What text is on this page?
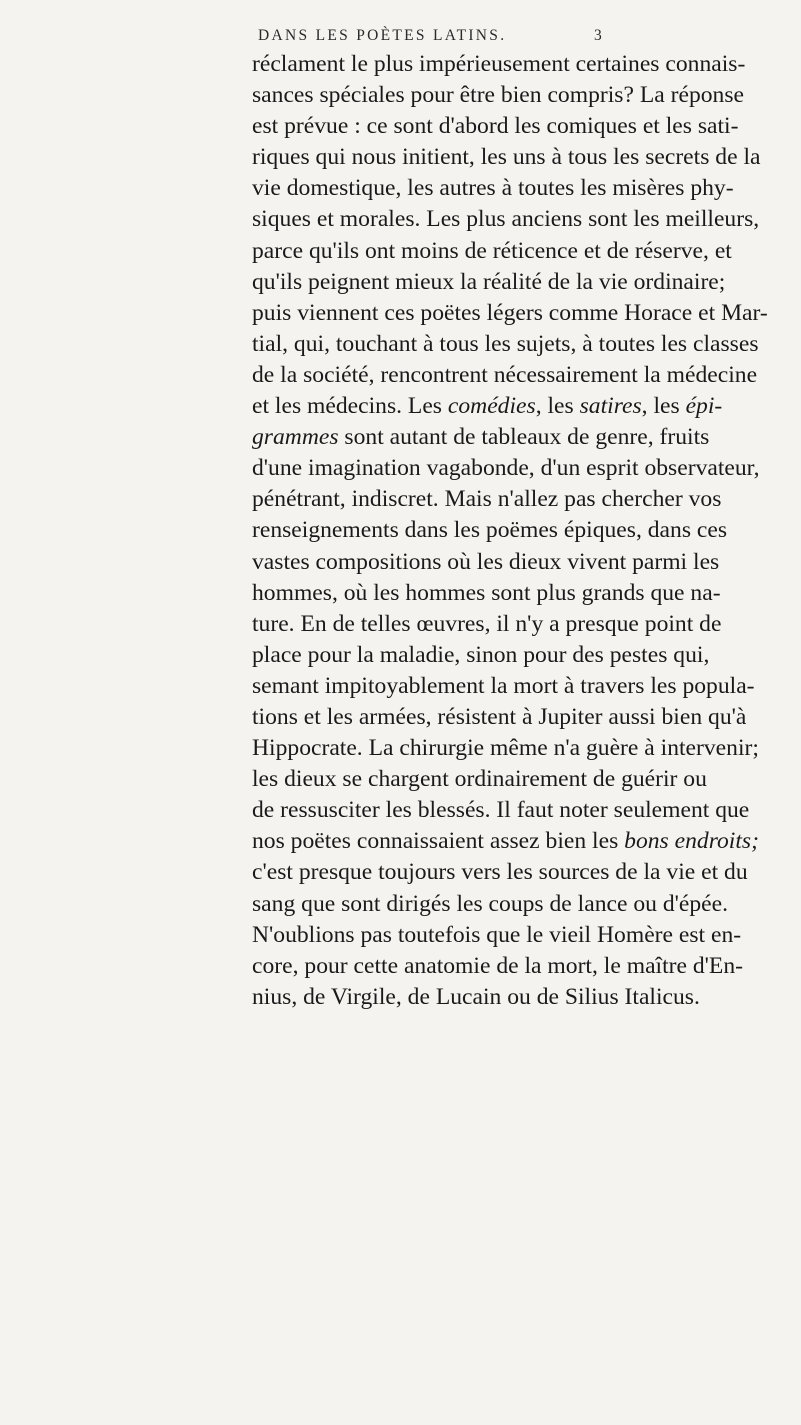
DANS LES POÈTES LATINS.	3
réclament le plus impérieusement certaines connais-
sances spéciales pour être bien compris? La réponse
est prévue : ce sont d'abord les comiques et les sati-
riques qui nous initient, les uns à tous les secrets de la
vie domestique, les autres à toutes les misères phy-
siques et morales. Les plus anciens sont les meilleurs,
parce qu'ils ont moins de réticence et de réserve, et
qu'ils peignent mieux la réalité de la vie ordinaire;
puis viennent ces poëtes légers comme Horace et Mar-
tial, qui, touchant à tous les sujets, à toutes les classes
de la société, rencontrent nécessairement la médecine
et les médecins. Les comédies, les satires, les épi-
grammes sont autant de tableaux de genre, fruits
d'une imagination vagabonde, d'un esprit observateur,
pénétrant, indiscret. Mais n'allez pas chercher vos
renseignements dans les poëmes épiques, dans ces
vastes compositions où les dieux vivent parmi les
hommes, où les hommes sont plus grands que na-
ture. En de telles œuvres, il n'y a presque point de
place pour la maladie, sinon pour des pestes qui,
semant impitoyablement la mort à travers les popula-
tions et les armées, résistent à Jupiter aussi bien qu'à
Hippocrate. La chirurgie même n'a guère à intervenir;
les dieux se chargent ordinairement de guérir ou
de ressusciter les blessés. Il faut noter seulement que
nos poëtes connaissaient assez bien les bons endroits;
c'est presque toujours vers les sources de la vie et du
sang que sont dirigés les coups de lance ou d'épée.
N'oublions pas toutefois que le vieil Homère est en-
core, pour cette anatomie de la mort, le maître d'En-
nius, de Virgile, de Lucain ou de Silius Italicus.
